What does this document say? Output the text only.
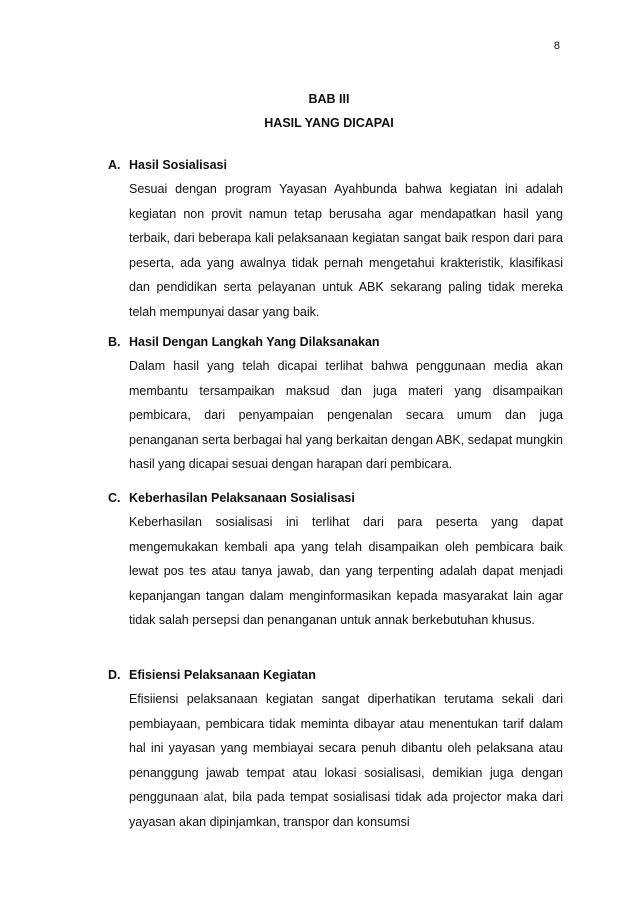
8
BAB III
HASIL YANG DICAPAI
A. Hasil Sosialisasi

Sesuai dengan program Yayasan Ayahbunda bahwa kegiatan ini adalah kegiatan non provit namun tetap berusaha agar mendapatkan hasil yang terbaik, dari beberapa kali pelaksanaan kegiatan sangat baik respon dari para peserta, ada yang awalnya tidak pernah mengetahui krakteristik, klasifikasi dan pendidikan serta pelayanan untuk ABK sekarang paling tidak mereka telah mempunyai dasar yang baik.

B. Hasil Dengan Langkah Yang Dilaksanakan

Dalam hasil yang telah dicapai terlihat bahwa penggunaan media akan membantu tersampaikan maksud dan juga materi yang disampaikan pembicara, dari penyampaian pengenalan secara umum dan juga penanganan serta berbagai hal yang berkaitan dengan ABK, sedapat mungkin hasil yang dicapai sesuai dengan harapan dari pembicara.

C. Keberhasilan Pelaksanaan Sosialisasi

Keberhasilan sosialisasi ini terlihat dari para peserta yang dapat mengemukakan kembali apa yang telah disampaikan oleh pembicara baik lewat pos tes atau tanya jawab, dan yang terpenting adalah dapat menjadi kepanjangan tangan dalam menginformasikan kepada masyarakat lain agar tidak salah persepsi dan penanganan untuk annak berkebutuhan khusus.

D. Efisiensi Pelaksanaan Kegiatan

Efisiiensi pelaksanaan kegiatan sangat diperhatikan terutama sekali dari pembiayaan, pembicara tidak meminta dibayar atau menentukan tarif dalam hal ini yayasan yang membiayai secara penuh dibantu oleh pelaksana atau penanggung jawab tempat atau lokasi sosialisasi, demikian juga dengan penggunaan alat, bila pada tempat sosialisasi tidak ada projector maka dari yayasan akan dipinjamkan, transpor dan konsumsi
